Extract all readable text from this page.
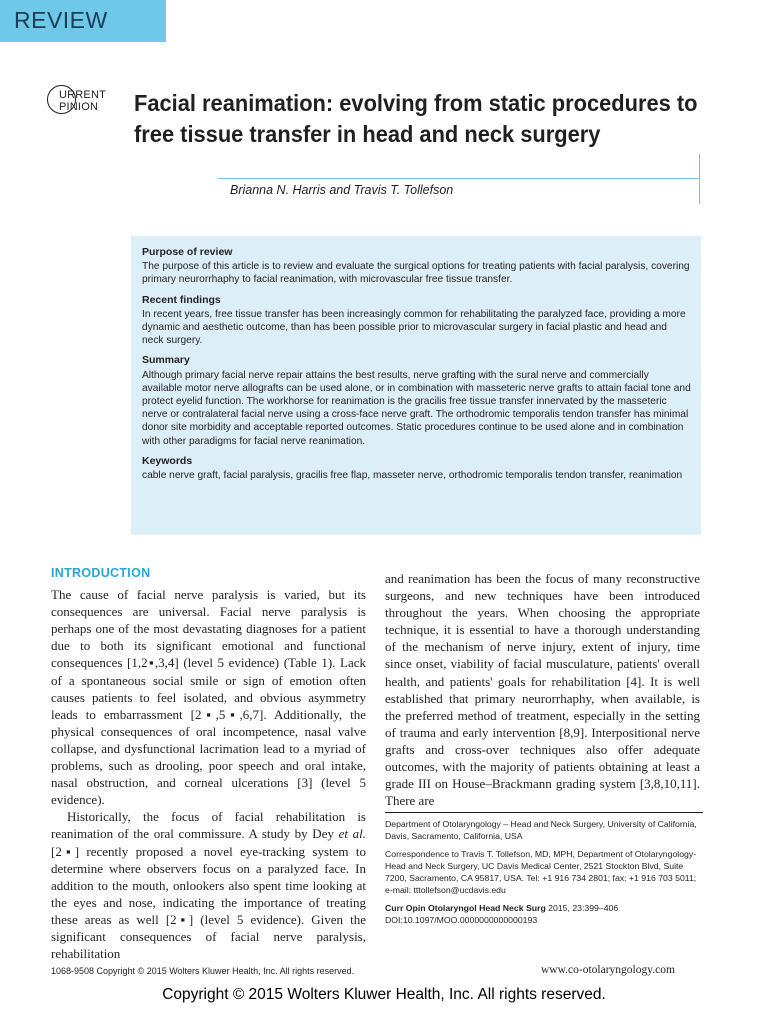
REVIEW
URRENT
PINION Facial reanimation: evolving from static procedures to free tissue transfer in head and neck surgery
Brianna N. Harris and Travis T. Tollefson
Purpose of review

The purpose of this article is to review and evaluate the surgical options for treating patients with facial paralysis, covering primary neurorrhaphy to facial reanimation, with microvascular free tissue transfer.

Recent findings

In recent years, free tissue transfer has been increasingly common for rehabilitating the paralyzed face, providing a more dynamic and aesthetic outcome, than has been possible prior to microvascular surgery in facial plastic and head and neck surgery.

Summary

Although primary facial nerve repair attains the best results, nerve grafting with the sural nerve and commercially available motor nerve allografts can be used alone, or in combination with masseteric nerve grafts to attain facial tone and protect eyelid function. The workhorse for reanimation is the gracilis free tissue transfer innervated by the masseteric nerve or contralateral facial nerve using a cross-face nerve graft. The orthodromic temporalis tendon transfer has minimal donor site morbidity and acceptable reported outcomes. Static procedures continue to be used alone and in combination with other paradigms for facial nerve reanimation.

Keywords

cable nerve graft, facial paralysis, gracilis free flap, masseter nerve, orthodromic temporalis tendon transfer, reanimation

INTRODUCTION

The cause of facial nerve paralysis is varied, but its consequences are universal. Facial nerve paralysis is perhaps one of the most devastating diagnoses for a patient due to both its significant emotional and functional consequences [1,2▪,3,4] (level 5 evidence) (Table 1). Lack of a spontaneous social smile or sign of emotion often causes patients to feel isolated, and obvious asymmetry leads to embarrassment [2▪,5▪,6,7]. Additionally, the physical consequences of oral incompetence, nasal valve collapse, and dysfunctional lacrimation lead to a myriad of problems, such as drooling, poor speech and oral intake, nasal obstruction, and corneal ulcerations [3] (level 5 evidence).

Historically, the focus of facial rehabilitation is reanimation of the oral commissure. A study by Dey et al. [2▪] recently proposed a novel eye-tracking system to determine where observers focus on a paralyzed face. In addition to the mouth, onlookers also spent time looking at the eyes and nose, indicating the importance of treating these areas as well [2▪] (level 5 evidence). Given the significant consequences of facial nerve paralysis, rehabilitation

and reanimation has been the focus of many reconstructive surgeons, and new techniques have been introduced throughout the years. When choosing the appropriate technique, it is essential to have a thorough understanding of the mechanism of nerve injury, extent of injury, time since onset, viability of facial musculature, patients' overall health, and patients' goals for rehabilitation [4]. It is well established that primary neurorrhaphy, when available, is the preferred method of treatment, especially in the setting of trauma and early intervention [8,9]. Interpositional nerve grafts and cross-over techniques also offer adequate outcomes, with the majority of patients obtaining at least a grade III on House–Brackmann grading system [3,8,10,11]. There are

Department of Otolaryngology – Head and Neck Surgery, University of California, Davis, Sacramento, California, USA

Correspondence to Travis T. Tollefson, MD, MPH, Department of Otolaryngology-Head and Neck Surgery, UC Davis Medical Center, 2521 Stockton Blvd, Suite 7200, Sacramento, CA 95817, USA. Tel: +1 916 734 2801; fax: +1 916 703 5011; e-mail: tttollefson@ucdavis.edu

Curr Opin Otolaryngol Head Neck Surg 2015, 23:399–406
DOI:10.1097/MOO.0000000000000193
1068-9508 Copyright © 2015 Wolters Kluwer Health, Inc. All rights reserved.	www.co-otolaryngology.com
Copyright © 2015 Wolters Kluwer Health, Inc. All rights reserved.
